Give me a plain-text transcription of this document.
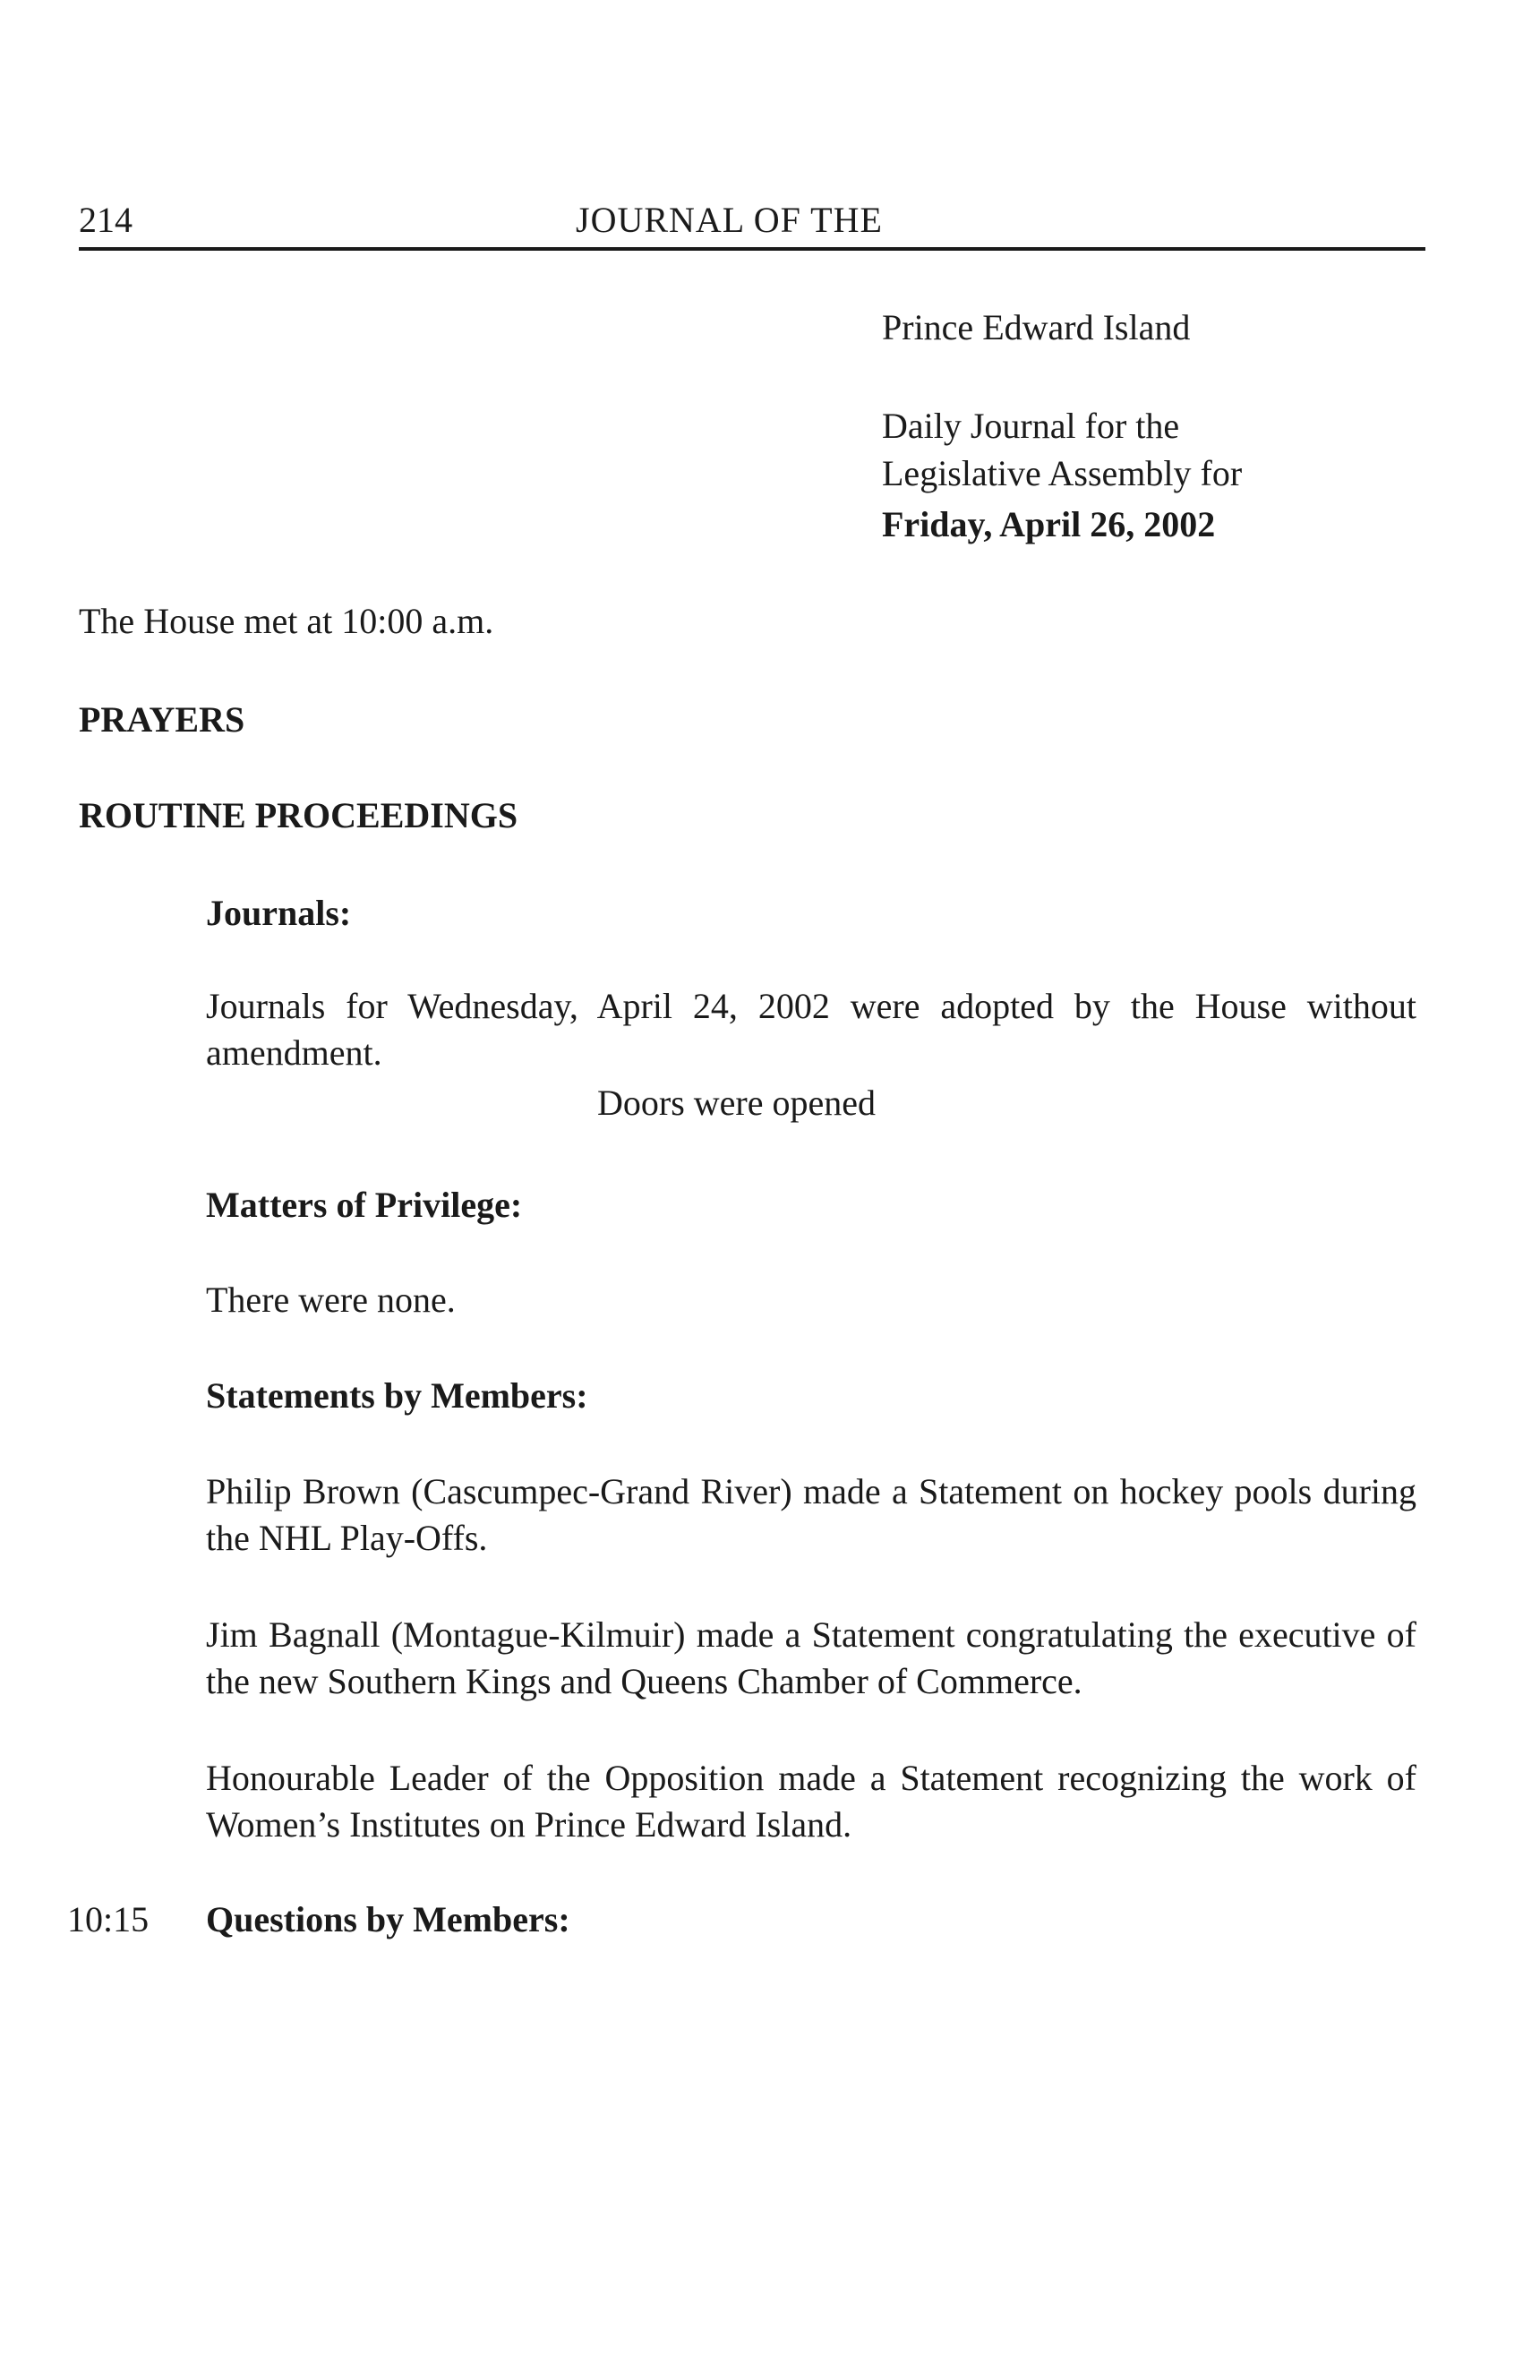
214	JOURNAL OF THE
Prince Edward Island
Daily Journal for the
Legislative Assembly for
Friday, April 26, 2002
The House met at 10:00 a.m.
PRAYERS
ROUTINE PROCEEDINGS
Journals:
Journals for Wednesday, April 24, 2002 were adopted by the House without amendment.
Doors were opened
Matters of Privilege:
There were none.
Statements by Members:
Philip Brown (Cascumpec-Grand River) made a Statement on hockey pools during the NHL Play-Offs.
Jim Bagnall (Montague-Kilmuir) made a Statement congratulating the executive of the new Southern Kings and Queens Chamber of Commerce.
Honourable Leader of the Opposition made a Statement recognizing the work of Women’s Institutes on Prince Edward Island.
10:15 Questions by Members:
